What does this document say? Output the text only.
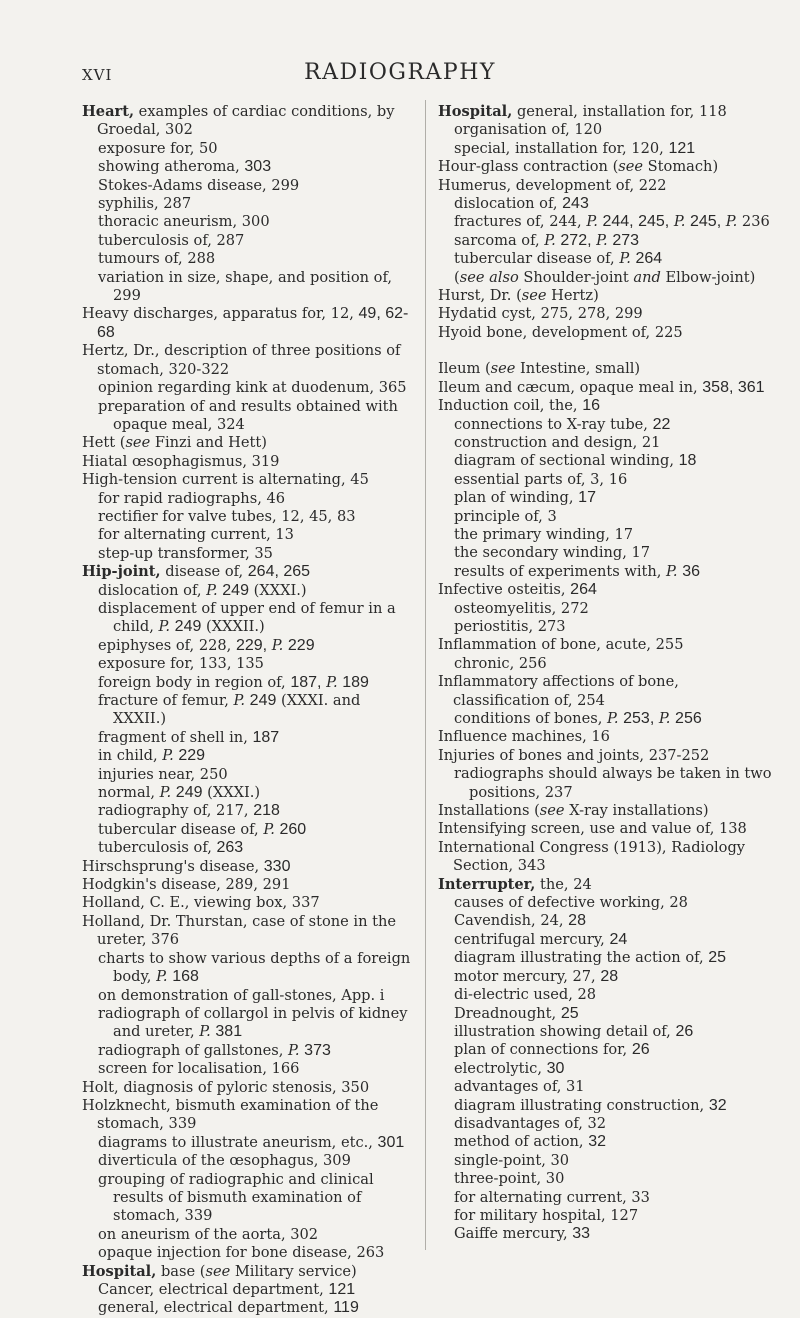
XVI	RADIOGRAPHY
Heart, examples of cardiac conditions, by Groedal, 302
exposure for, 50
showing atheroma, 303
Stokes-Adams disease, 299
syphilis, 287
thoracic aneurism, 300
tuberculosis of, 287
tumours of, 288
variation in size, shape, and position of, 299
Heavy discharges, apparatus for, 12, 49, 62-68
Hertz, Dr., description of three positions of stomach, 320-322
opinion regarding kink at duodenum, 365
preparation of and results obtained with opaque meal, 324
Hett (see Finzi and Hett)
Hiatal œsophagismus, 319
High-tension current is alternating, 45
for rapid radiographs, 46
rectifier for valve tubes, 12, 45, 83
for alternating current, 13
step-up transformer, 35
Hip-joint, disease of, 264, 265
dislocation of, P. 249 (XXXI.)
displacement of upper end of femur in a child, P. 249 (XXXII.)
epiphyses of, 228, 229, P. 229
exposure for, 133, 135
foreign body in region of, 187, P. 189
fracture of femur, P. 249 (XXXI. and XXXII.)
fragment of shell in, 187
in child, P. 229
injuries near, 250
normal, P. 249 (XXXI.)
radiography of, 217, 218
tubercular disease of, P. 260
tuberculosis of, 263
Hirschsprung's disease, 330
Hodgkin's disease, 289, 291
Holland, C. E., viewing box, 337
Holland, Dr. Thurstan, case of stone in the ureter, 376
charts to show various depths of a foreign body, P. 168
on demonstration of gall-stones, App. i
radiograph of collargol in pelvis of kidney and ureter, P. 381
radiograph of gallstones, P. 373
screen for localisation, 166
Holt, diagnosis of pyloric stenosis, 350
Holzknecht, bismuth examination of the stomach, 339
diagrams to illustrate aneurism, etc., 301
diverticula of the œsophagus, 309
grouping of radiographic and clinical results of bismuth examination of stomach, 339
on aneurism of the aorta, 302
opaque injection for bone disease, 263
Hospital, base (see Military service)
Cancer, electrical department, 121
general, electrical department, 119
Hospital, general, installation for, 118
organisation of, 120
special, installation for, 120, 121
Hour-glass contraction (see Stomach)
Humerus, development of, 222
dislocation of, 243
fractures of, 244, P. 244, 245, P. 245, P. 236
sarcoma of, P. 272, P. 273
tubercular disease of, P. 264
(see also Shoulder-joint and Elbow-joint)
Hurst, Dr. (see Hertz)
Hydatid cyst, 275, 278, 299
Hyoid bone, development of, 225
Ileum (see Intestine, small)
Ileum and cæcum, opaque meal in, 358, 361
Induction coil, the, 16
connections to X-ray tube, 22
construction and design, 21
diagram of sectional winding, 18
essential parts of, 3, 16
plan of winding, 17
principle of, 3
the primary winding, 17
the secondary winding, 17
results of experiments with, P. 36
Infective osteitis, 264
osteomyelitis, 272
periostitis, 273
Inflammation of bone, acute, 255
chronic, 256
Inflammatory affections of bone, classification of, 254
conditions of bones, P. 253, P. 256
Influence machines, 16
Injuries of bones and joints, 237-252
radiographs should always be taken in two positions, 237
Installations (see X-ray installations)
Intensifying screen, use and value of, 138
International Congress (1913), Radiology Section, 343
Interrupter, the, 24
causes of defective working, 28
Cavendish, 24, 28
centrifugal mercury, 24
diagram illustrating the action of, 25
motor mercury, 27, 28
di-electric used, 28
Dreadnought, 25
illustration showing detail of, 26
plan of connections for, 26
electrolytic, 30
advantages of, 31
diagram illustrating construction, 32
disadvantages of, 32
method of action, 32
single-point, 30
three-point, 30
for alternating current, 33
for military hospital, 127
Gaiffe mercury, 33
